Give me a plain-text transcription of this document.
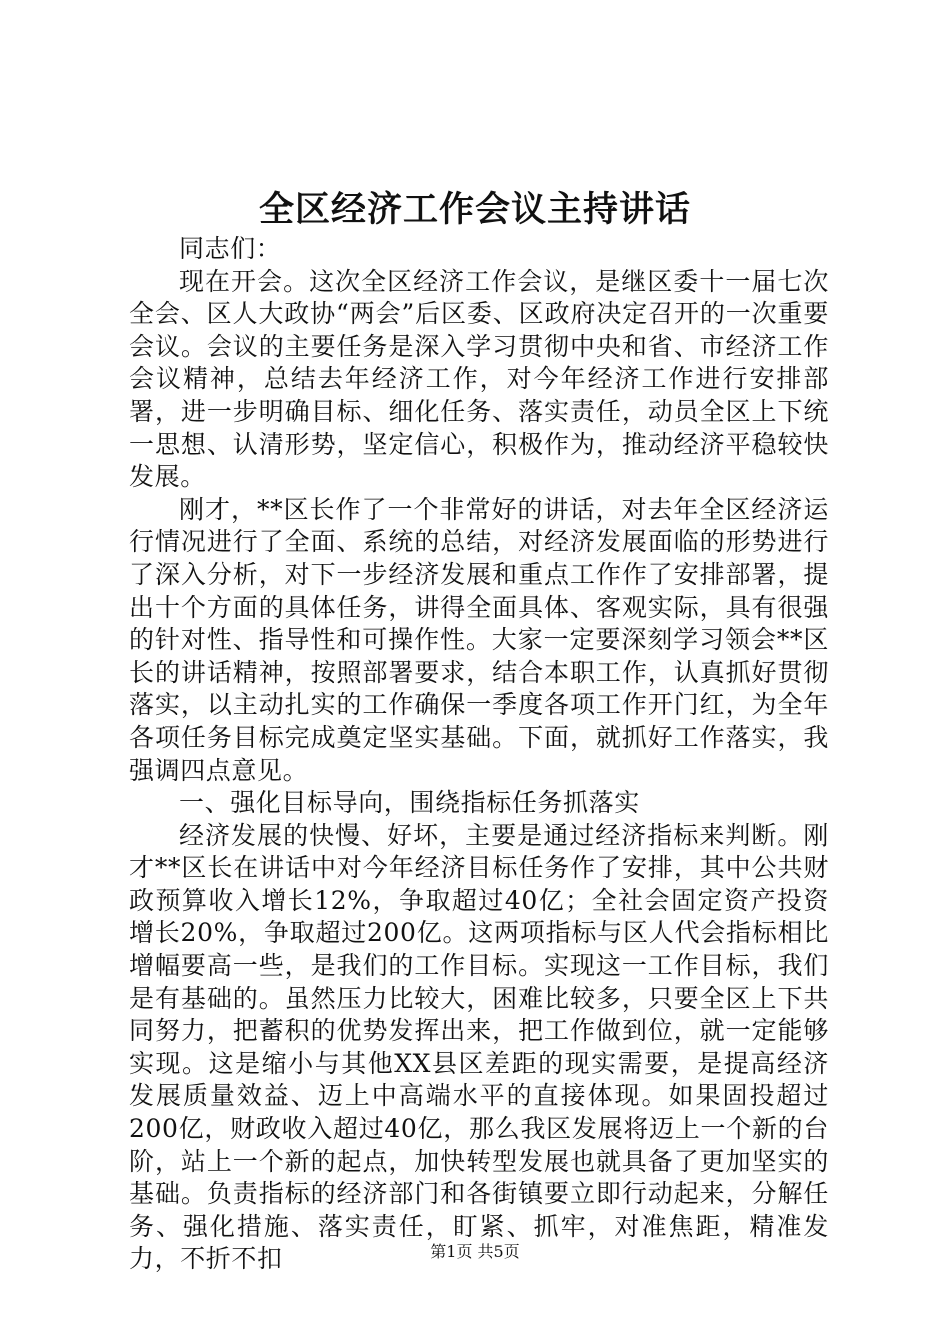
全区经济工作会议主持讲话

同志们：

现在开会。这次全区经济工作会议，是继区委十一届七次全会、区人大政协“两会”后区委、区政府决定召开的一次重要会议。会议的主要任务是深入学习贯彻中央和省、市经济工作会议精神，总结去年经济工作，对今年经济工作进行安排部署，进一步明确目标、细化任务、落实责任，动员全区上下统一思想、认清形势，坚定信心，积极作为，推动经济平稳较快发展。

刚才，**区长作了一个非常好的讲话，对去年全区经济运行情况进行了全面、系统的总结，对经济发展面临的形势进行了深入分析，对下一步经济发展和重点工作作了安排部署，提出十个方面的具体任务，讲得全面具体、客观实际，具有很强的针对性、指导性和可操作性。大家一定要深刻学习领会**区长的讲话精神，按照部署要求，结合本职工作，认真抓好贯彻落实，以主动扎实的工作确保一季度各项工作开门红，为全年各项任务目标完成奠定坚实基础。下面，就抓好工作落实，我强调四点意见。

一、强化目标导向，围绕指标任务抓落实

经济发展的快慢、好坏，主要是通过经济指标来判断。刚才**区长在讲话中对今年经济目标任务作了安排，其中公共财政预算收入增长12%，争取超过40亿；全社会固定资产投资增长20%，争取超过200亿。这两项指标与区人代会指标相比增幅要高一些，是我们的工作目标。实现这一工作目标，我们是有基础的。虽然压力比较大，困难比较多，只要全区上下共同努力，把蓄积的优势发挥出来，把工作做到位，就一定能够实现。这是缩小与其他XX县区差距的现实需要，是提高经济发展质量效益、迈上中高端水平的直接体现。如果固投超过200亿，财政收入超过40亿，那么我区发展将迈上一个新的台阶，站上一个新的起点，加快转型发展也就具备了更加坚实的基础。负责指标的经济部门和各街镇要立即行动起来，分解任务、强化措施、落实责任，盯紧、抓牢，对准焦距，精准发力，不折不扣	第1页 共5页
